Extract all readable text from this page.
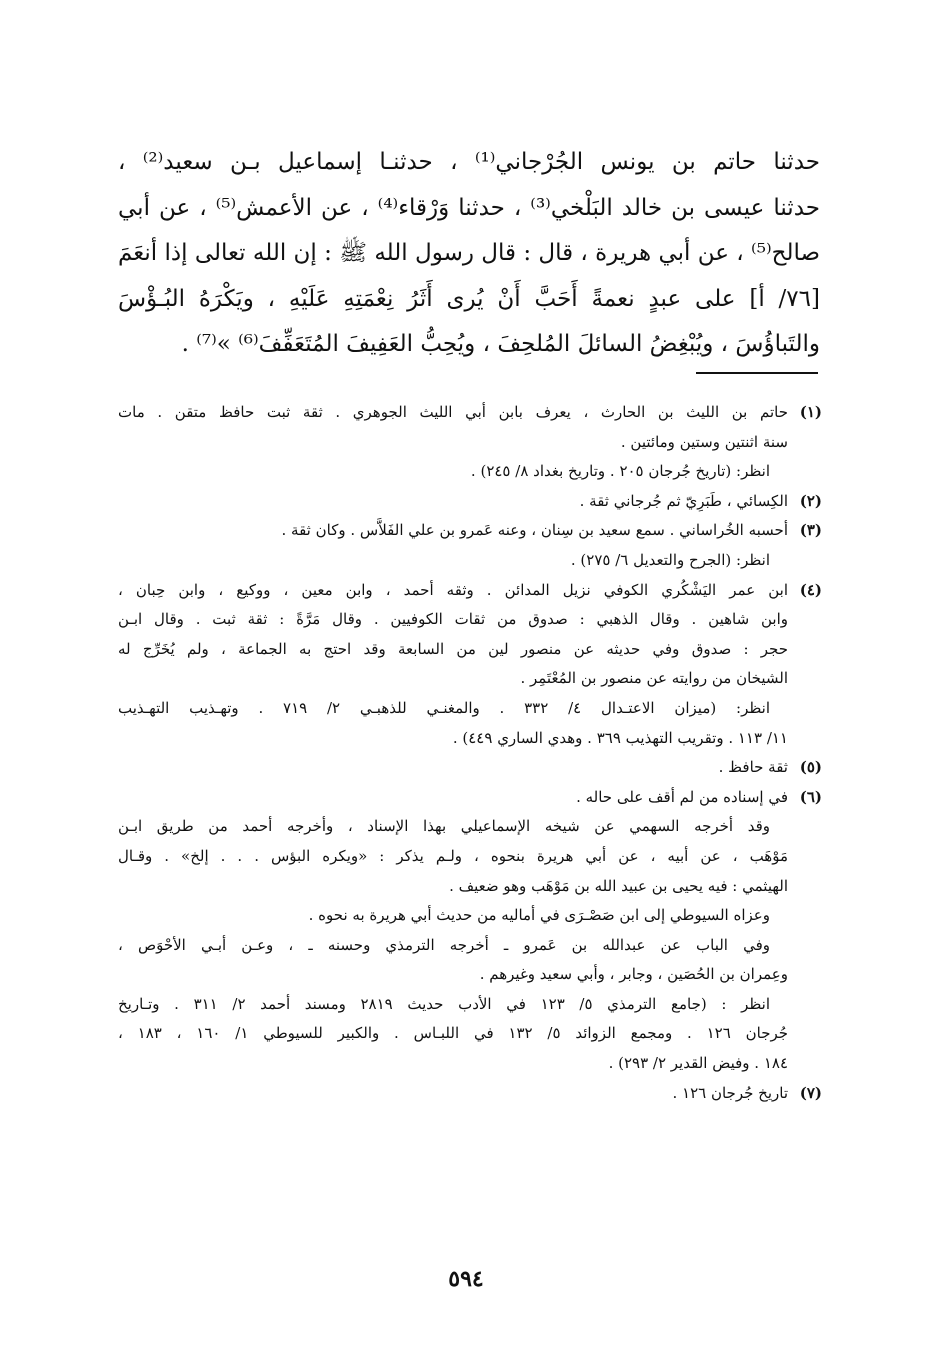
حدثنا حاتم بن يونس الجُرْجاني⁽¹⁾ ، حدثنـا إسماعيل بـن سعيد⁽²⁾ ،
حدثنا عيسى بن خالد البَلْخي⁽³⁾ ، حدثنا وَرْقاء⁽⁴⁾ ، عن الأعمش⁽⁵⁾ ، عن أبي
صالح⁽⁵⁾ ، عن أبي هريرة ، قال : قال رسول الله ﷺ : إن الله تعالى إذا أنعَمَ
[٧٦/ أ] على عبدٍ نعمةً أَحَبَّ أَنْ يُرى أَثَرُ نِعْمَتِهِ عَلَيْهِ ، ويَكْرَهُ البُـؤْسَ
والتَباؤُسَ ، ويُبْغِضُ السائلَ المُلحِفَ ، ويُحِبُّ العَفِيفَ المُتَعَفِّفَ⁽⁶⁾ »⁽⁷⁾ .
(١)حاتم بن الليث بن الحارث ، يعرف بابن أبي الليث الجوهري . ثقة ثبت حافظ متقن . مات
سنة اثنتين وستين ومائتين .
انظر: (تاريخ جُرجان ٢٠٥ . وتاريخ بغداد ٨/ ٢٤٥) .
(٢)الكِسائي ، طَبَرِيّ ثم جُرجاني ثقة .
(٣)أحسبه الخُراساني . سمع سعيد بن سِنان ، وعنه عَمرو بن علي الفَلاَّس . وكان ثقة .
انظر: (الجرح والتعديل ٦/ ٢٧٥) .
(٤)ابن عمر اليَشْكُري الكوفي نزيل المدائن . وثقه أحمد ، وابن معين ، ووكيع ، وابن حِبان ،
وابن شاهين . وقال الذهبي : صدوق من ثقات الكوفيين . وقال مَرَّةً : ثقة ثبت . وقال ابـن
حجر : صدوق وفي حديثه عن منصور لين من السابعة وقد احتج به الجماعة ، ولم يُخَرِّج له
الشيخان من روايته عن منصور بن المُعْتَمِر .
انظر: (ميزان الاعتـدال ٤/ ٣٣٢ . والمغنـي للذهبـي ٢/ ٧١٩ . وتهـذيب التهـذيب
١١/ ١١٣ . وتقريب التهذيب ٣٦٩ . وهدي الساري ٤٤٩) .
(٥)ثقة حافظ .
(٦)في إسناده من لم أقف على حاله .
وقد أخرجه السهمي عن شيخه الإسماعيلي بهذا الإسناد ، وأخرجه أحمد من طريق ابـن
مَوْهَب ، عن أبيه ، عن أبي هريرة بنحوه ، ولـم يذكر : «ويكره البؤس . . . إلخ» . وقـال
الهيثمي : فيه يحيى بن عبيد الله بن مَوْهَب وهو ضعيف .
وعزاه السيوطي إلى ابن صَصْـرَى في أماليه من حديث أبي هريرة به نحوه .
وفي الباب عن عبدالله بن عَمرو ـ أخرجه الترمذي وحسنه ـ ، وعـن أبـي الأحْوَص ،
وعِمران بن الحُصَين ، وجابر ، وأبي سعيد وغيرهم .
انظر : (جامع الترمذي ٥/ ١٢٣ في الأدب حديث ٢٨١٩ ومسند أحمد ٢/ ٣١١ . وتـاريخ
جُرجان ١٢٦ . ومجمع الزوائد ٥/ ١٣٢ في اللبـاس . والكبير للسيوطي ١/ ١٦٠ ، ١٨٣ ،
١٨٤ . وفيض القدير ٢/ ٢٩٣) .
(٧)تاريخ جُرجان ١٢٦ .
٥٩٤
